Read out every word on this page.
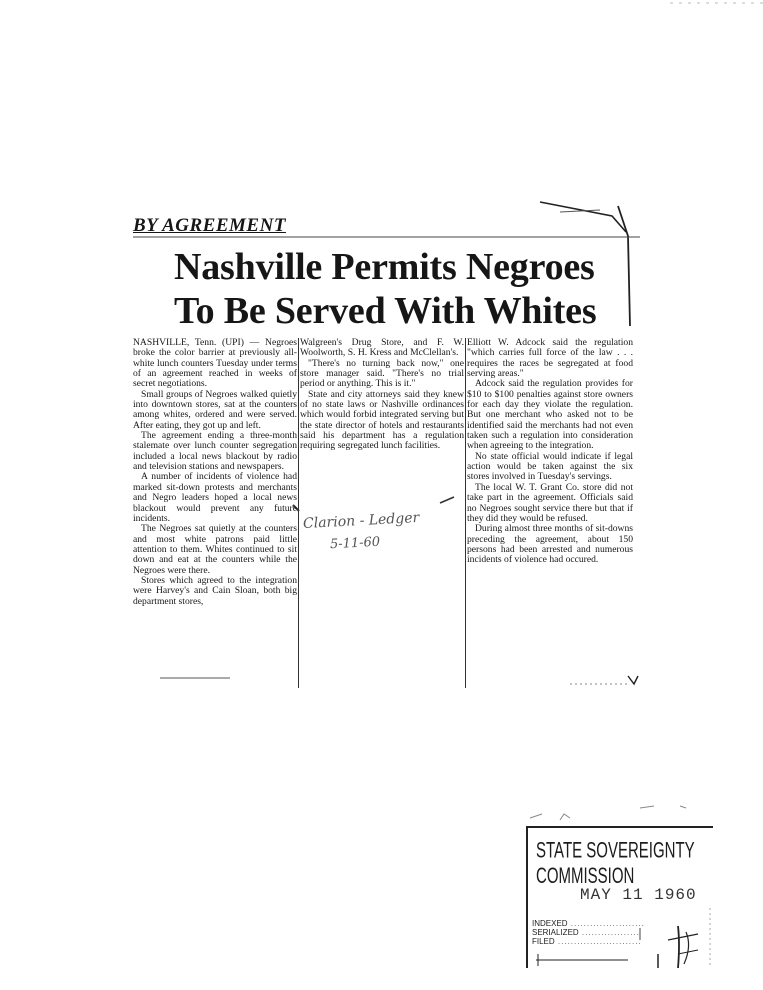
BY AGREEMENT
Nashville Permits Negroes
To Be Served With Whites

NASHVILLE, Tenn. (UPI) — Negroes broke the color barrier at previously all-white lunch counters Tuesday under terms of an agreement reached in weeks of secret negotiations.

Small groups of Negroes walked quietly into downtown stores, sat at the counters among whites, ordered and were served. After eating, they got up and left.

The agreement ending a three-month stalemate over lunch counter segregation included a local news blackout by radio and television stations and newspapers.

A number of incidents of violence had marked sit-down protests and merchants and Negro leaders hoped a local news blackout would prevent any future incidents.

The Negroes sat quietly at the counters and most white patrons paid little attention to them. Whites continued to sit down and eat at the counters while the Negroes were there.

Stores which agreed to the integration were Harvey's and Cain Sloan, both big department stores,

Walgreen's Drug Store, and F. W. Woolworth, S. H. Kress and McClellan's.

"There's no turning back now," one store manager said. "There's no trial period or anything. This is it."

State and city attorneys said they knew of no state laws or Nashville ordinances which would forbid integrated serving but the state director of hotels and restaurants said his department has a regulation requiring segregated lunch facilities.

Elliott W. Adcock said the regulation "which carries full force of the law . . . requires the races be segregated at food serving areas."

Adcock said the regulation provides for $10 to $100 penalties against store owners for each day they violate the regulation. But one merchant who asked not to be identified said the merchants had not even taken such a regulation into consideration when agreeing to the integration.

No state official would indicate if legal action would be taken against the six stores involved in Tuesday's servings.

The local W. T. Grant Co. store did not take part in the agreement. Officials said no Negroes sought service there but that if they did they would be refused.

During almost three months of sit-downs preceding the agreement, about 150 persons had been arrested and numerous incidents of violence had occured.

Clarion - Ledger
5-11-60
STATE SOVEREIGNTY COMMISSION
MAY 11 1960
INDEXED .......................
SERIALIZED ..................
FILED ..........................
